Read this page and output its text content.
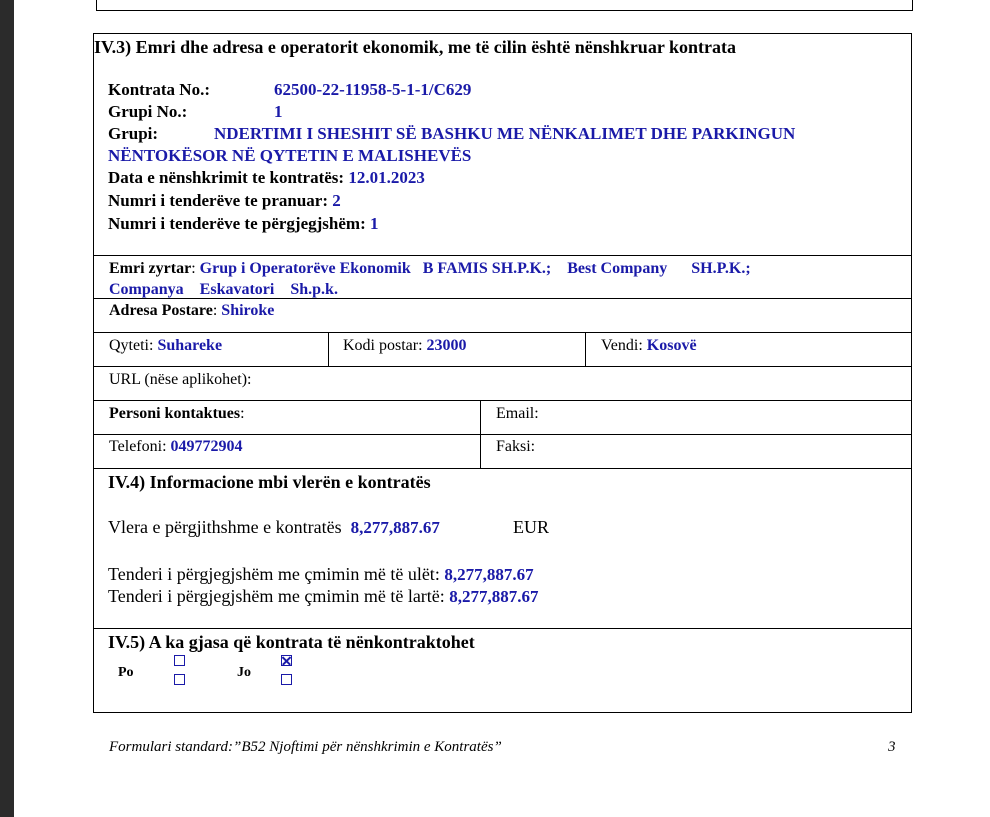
IV.3) Emri dhe adresa e operatorit ekonomik, me të cilin është nënshkruar kontrata
Kontrata No.:	62500-22-11958-5-1-1/C629
Grupi No.:	1
Grupi:	NDERTIMI I SHESHIT SË BASHKU ME NËNKALIMET DHE PARKINGUN
NËNTOKËSOR NË QYTETIN E MALISHEVËS
Data e nënshkrimit te kontratës: 12.01.2023
Numri i tenderëve te pranuar: 2
Numri i tenderëve te përgjegjshëm: 1
Emri zyrtar: Grup i Operatorëve Ekonomik   B FAMIS SH.P.K.;    Best Company      SH.P.K.;
Companya    Eskavatori    Sh.p.k.
Adresa Postare: Shiroke
Qyteti: Suhareke	Kodi postar: 23000	Vendi: Kosovë
URL (nëse aplikohet):
Personi kontaktues:	Email:
Telefoni: 049772904	Faksi:
IV.4) Informacione mbi vlerën e kontratës
Vlera e përgjithshme e kontratës 8,277,887.67	EUR
Tenderi i përgjegjshëm me çmimin më të ulët: 8,277,887.67
Tenderi i përgjegjshëm me çmimin më të lartë: 8,277,887.67
IV.5) A ka gjasa që kontrata të nënkontraktohet
Po	Jo
Formulari standard:”B52 Njoftimi për nënshkrimin e Kontratës”	3
